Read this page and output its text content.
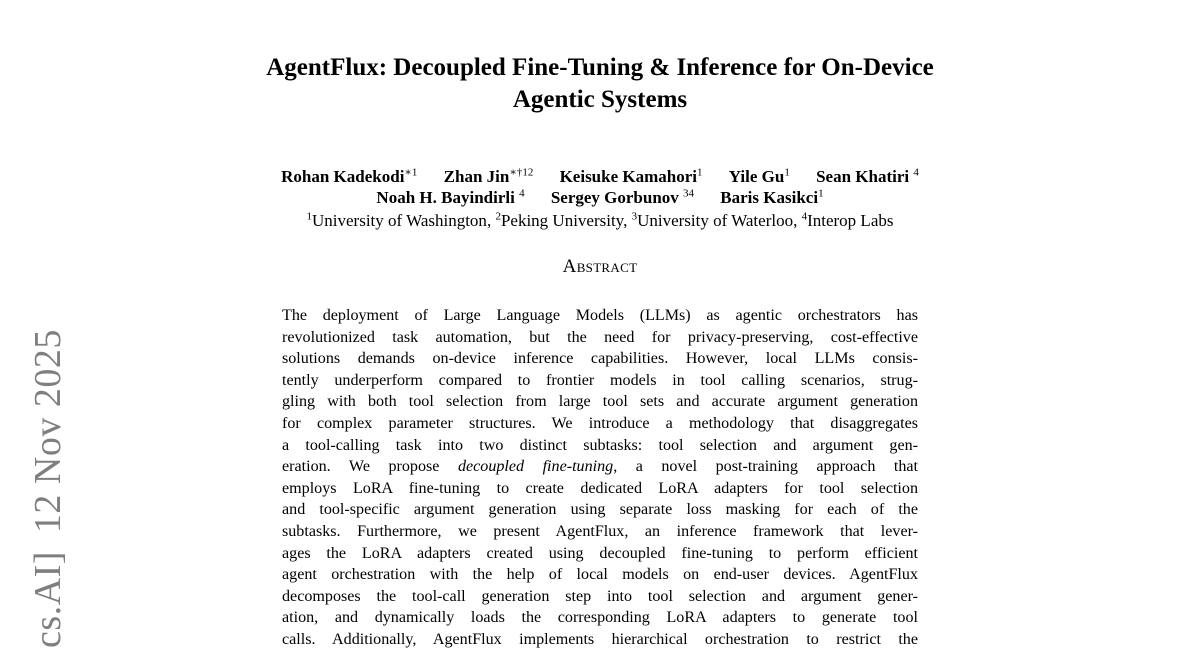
cs.AI]12 Nov 2025
AgentFlux: Decoupled Fine-Tuning & Inference for On-Device
Agentic Systems
Rohan Kadekodi$^{∗1}$ Zhan Jin$^{∗\dagger 12}$ Keisuke Kamahori$^1$ Yile Gu$^1$ Sean Khatiri $^4$
Noah H. Bayindirli $^4$ Sergey Gorbunov $^{34}$ Baris Kasikci$^1$
$^1$University of Washington, $^2$Peking University, $^3$University of Waterloo, $^4$Interop Labs
Abstract
The deployment of Large Language Models (LLMs) as agentic orchestrators has
revolutionized task automation, but the need for privacy-preserving, cost-effective
solutions demands on-device inference capabilities. However, local LLMs consis-
tently underperform compared to frontier models in tool calling scenarios, strug-
gling with both tool selection from large tool sets and accurate argument generation
for complex parameter structures. We introduce a methodology that disaggregates
a tool-calling task into two distinct subtasks: tool selection and argument gen-
eration. We propose decoupled fine-tuning, a novel post-training approach that
employs LoRA fine-tuning to create dedicated LoRA adapters for tool selection
and tool-specific argument generation using separate loss masking for each of the
subtasks. Furthermore, we present AgentFlux, an inference framework that lever-
ages the LoRA adapters created using decoupled fine-tuning to perform efficient
agent orchestration with the help of local models on end-user devices. AgentFlux
decomposes the tool-call generation step into tool selection and argument gener-
ation, and dynamically loads the corresponding LoRA adapters to generate tool
calls. Additionally, AgentFlux implements hierarchical orchestration to restrict the
